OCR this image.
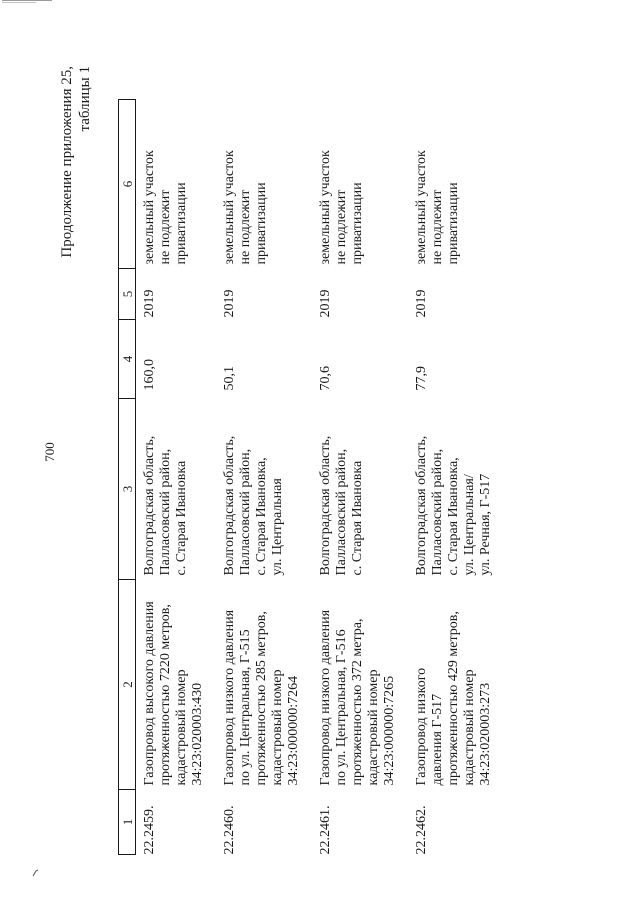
700
Продолжение приложения 25, таблицы 1
1	2	3	4	5	6
22.2459.	Газопровод высокого давления протяженностью 7220 метров, кадастровый номер 34:23:020003:430	Волгоградская область, Палласовский район, с. Старая Ивановка	160,0	2019	земельный участок не подлежит приватизации

22.2460.	Газопровод низкого давления по ул. Центральная, Г-515 протяженностью 285 метров, кадастровый номер 34:23:000000:7264	Волгоградская область, Палласовский район, с. Старая Ивановка, ул. Центральная	50,1	2019	земельный участок не подлежит приватизации

22.2461.	Газопровод низкого давления по ул. Центральная, Г-516 протяженностью 372 метра, кадастровый номер 34:23:000000:7265	Волгоградская область, Палласовский район, с. Старая Ивановка	70,6	2019	земельный участок не подлежит приватизации

22.2462.	Газопровод низкого давления Г-517 протяженностью 429 метров, кадастровый номер 34:23:020003:273	Волгоградская область, Палласовский район, с. Старая Ивановка, ул. Центральная/ ул. Речная, Г-517	77,9	2019	земельный участок не подлежит приватизации
